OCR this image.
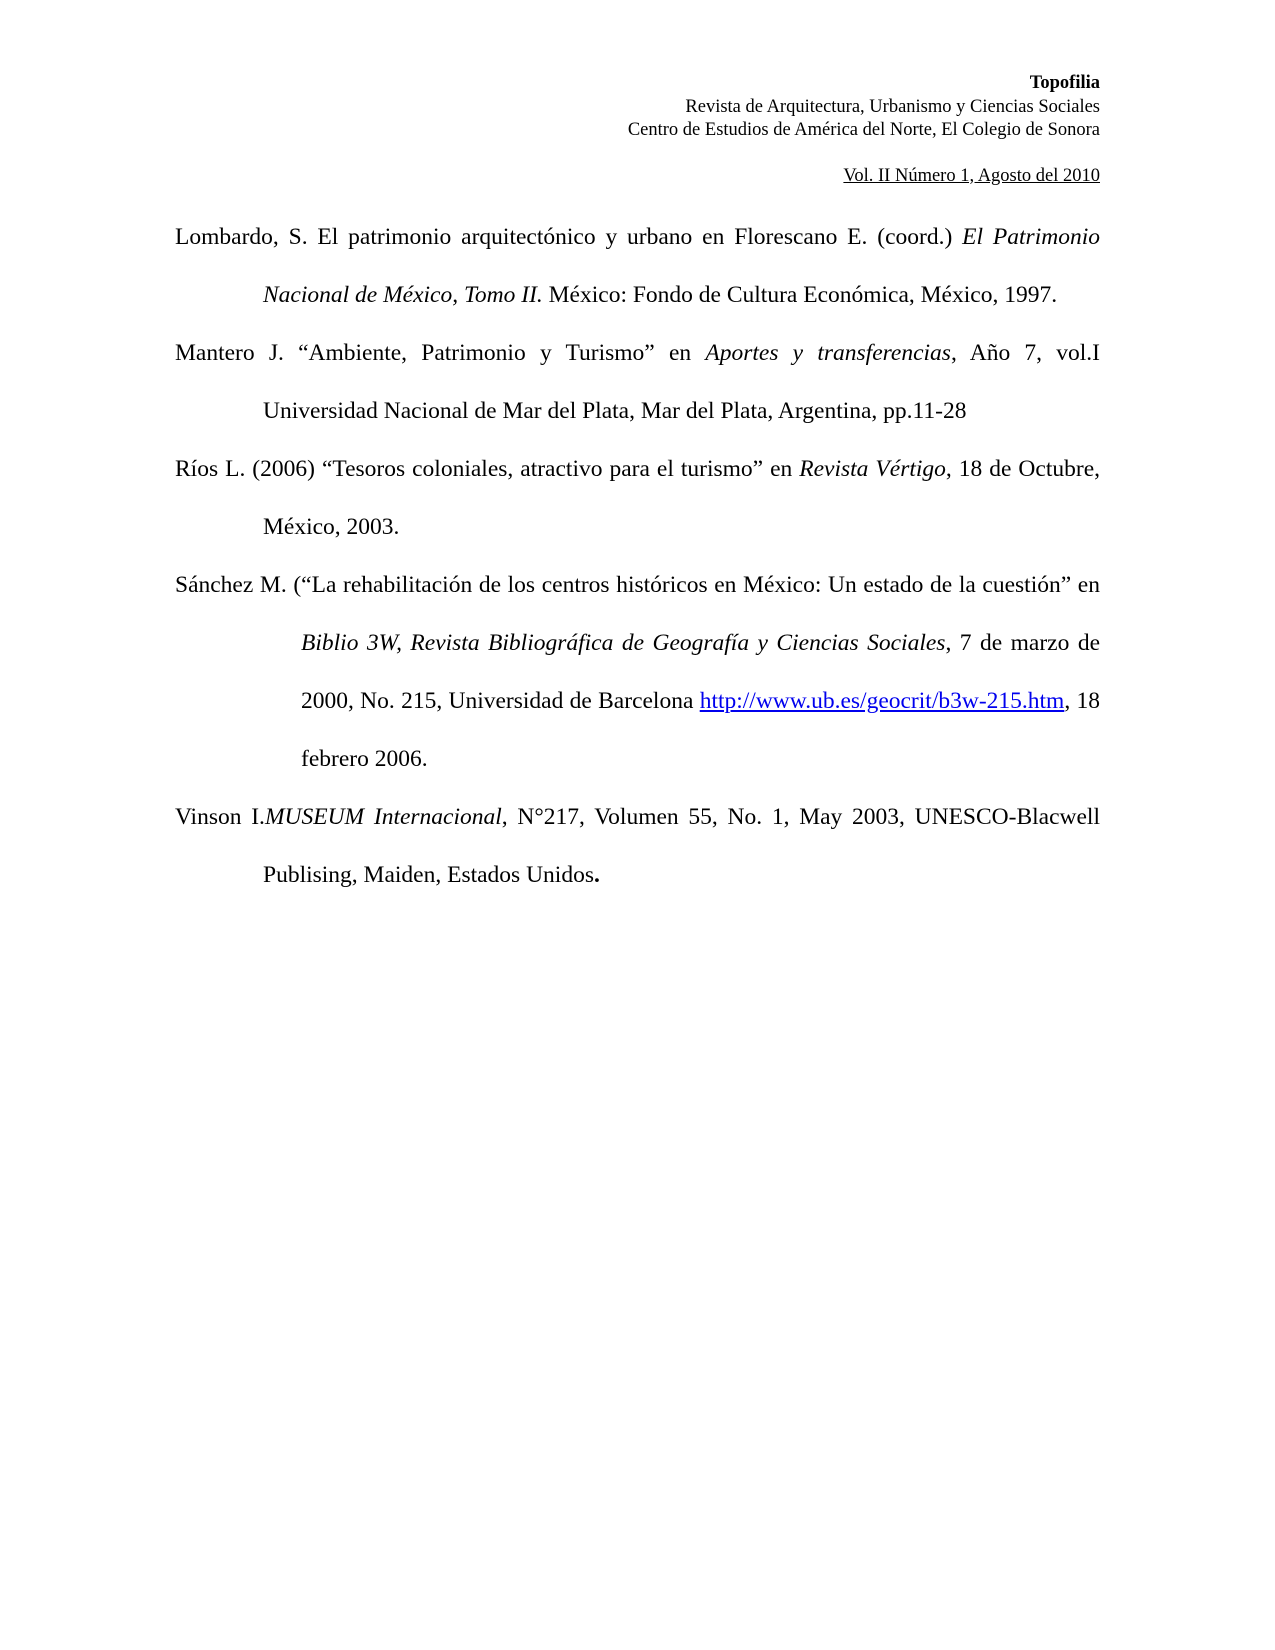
Topofilia
Revista de Arquitectura, Urbanismo y Ciencias Sociales
Centro de Estudios de América del Norte, El Colegio de Sonora
Vol. II Número 1, Agosto del 2010

Lombardo, S. El patrimonio arquitectónico y urbano en Florescano E. (coord.) El Patrimonio Nacional de México, Tomo II. México: Fondo de Cultura Económica, México, 1997.

Mantero J. “Ambiente, Patrimonio y Turismo” en Aportes y transferencias, Año 7, vol.I Universidad Nacional de Mar del Plata, Mar del Plata, Argentina, pp.11-28

Ríos L. (2006) “Tesoros coloniales, atractivo para el turismo” en Revista Vértigo, 18 de Octubre, México, 2003.

Sánchez M. (“La rehabilitación de los centros históricos en México: Un estado de la cuestión” en Biblio 3W, Revista Bibliográfica de Geografía y Ciencias Sociales, 7 de marzo de 2000, No. 215, Universidad de Barcelona http://www.ub.es/geocrit/b3w-215.htm, 18 febrero 2006.

Vinson I.MUSEUM Internacional, N°217, Volumen 55, No. 1, May 2003, UNESCO-Blacwell Publising, Maiden, Estados Unidos.
